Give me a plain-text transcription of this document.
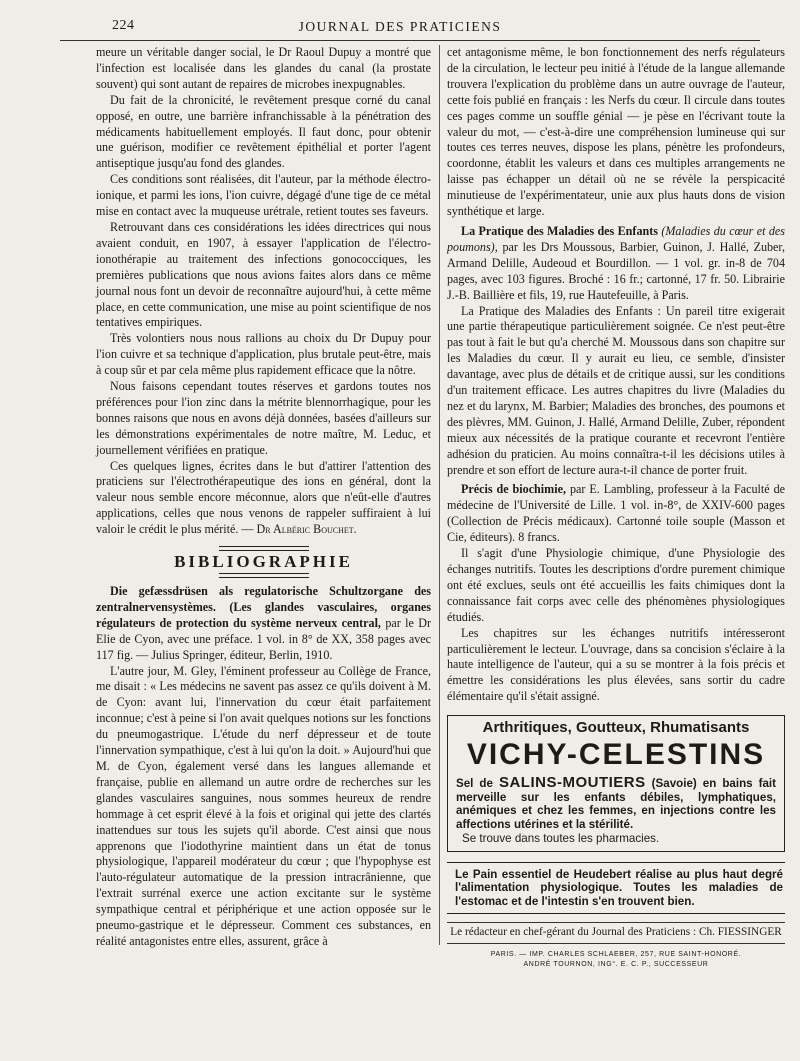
224	JOURNAL DES PRATICIENS

meure un véritable danger social, le Dr Raoul Dupuy a montré que l'infection est localisée dans les glandes du canal (la prostate souvent) qui sont autant de repaires de microbes inexpugnables.

Du fait de la chronicité, le revêtement presque corné du canal opposé, en outre, une barrière infranchissable à la pénétration des médicaments habituellement employés. Il faut donc, pour obtenir une guérison, modifier ce revêtement épithélial et porter l'agent antiseptique jusqu'au fond des glandes.

Ces conditions sont réalisées, dit l'auteur, par la méthode électro-ionique, et parmi les ions, l'ion cuivre, dégagé d'une tige de ce métal mise en contact avec la muqueuse urétrale, retient toutes ses faveurs.

Retrouvant dans ces considérations les idées directrices qui nous avaient conduit, en 1907, à essayer l'application de l'électro-ionothérapie au traitement des infections gonococciques, les premières publications que nous avions faites alors dans ce même journal nous font un devoir de reconnaître aujourd'hui, à cette même place, en cette communication, une mise au point scientifique de nos tentatives empiriques.

Très volontiers nous nous rallions au choix du Dr Dupuy pour l'ion cuivre et sa technique d'application, plus brutale peut-être, mais à coup sûr et par cela même plus rapidement efficace que la nôtre.

Nous faisons cependant toutes réserves et gardons toutes nos préférences pour l'ion zinc dans la métrite blennorrhagique, pour les bonnes raisons que nous en avons déjà données, basées d'ailleurs sur les démonstrations expérimentales de notre maître, M. Leduc, et journellement vérifiées en pratique.

Ces quelques lignes, écrites dans le but d'attirer l'attention des praticiens sur l'électrothérapeutique des ions en général, dont la valeur nous semble encore méconnue, alors que n'eût-elle d'autres applications, celles que nous venons de rappeler suffiraient à lui valoir le crédit le plus mérité. — Dr Albéric Bouchet.

BIBLIOGRAPHIE

Die gefæssdrüsen als regulatorische Schultzorgane des zentralnervensystèmes. (Les glandes vasculaires, organes régulateurs de protection du système nerveux central, par le Dr Elie de Cyon, avec une préface. 1 vol. in 8° de XX, 358 pages avec 117 fig. — Julius Springer, éditeur, Berlin, 1910.

L'autre jour, M. Gley, l'éminent professeur au Collège de France, me disait : « Les médecins ne savent pas assez ce qu'ils doivent à M. de Cyon: avant lui, l'innervation du cœur était parfaitement inconnue; c'est à peine si l'on avait quelques notions sur les fonctions du pneumogastrique. L'étude du nerf dépresseur et de toute l'innervation sympathique, c'est à lui qu'on la doit. » Aujourd'hui que M. de Cyon, également versé dans les langues allemande et française, publie en allemand un autre ordre de recherches sur les glandes vasculaires sanguines, nous sommes heureux de rendre hommage à cet esprit élevé à la fois et original qui jette des clartés inattendues sur tous les sujets qu'il aborde. C'est ainsi que nous apprenons que l'iodothyrine maintient dans un état de tonus physiologique, l'appareil modérateur du cœur ; que l'hypophyse est l'auto-régulateur automatique de la pression intracrânienne, que l'extrait surrénal exerce une action excitante sur le système sympathique central et périphérique et une action opposée sur le pneumo-gastrique et le dépresseur. Comment ces substances, en réalité antagonistes entre elles, assurent, grâce à

cet antagonisme même, le bon fonctionnement des nerfs régulateurs de la circulation, le lecteur peu initié à l'étude de la langue allemande trouvera l'explication du problème dans un autre ouvrage de l'auteur, cette fois publié en français : les Nerfs du cœur. Il circule dans toutes ces pages comme un souffle génial — je pèse en l'écrivant toute la valeur du mot, — c'est-à-dire une compréhension lumineuse qui sur toutes ces terres neuves, dispose les plans, pénètre les profondeurs, coordonne, établit les valeurs et dans ces multiples arrangements ne laisse pas échapper un détail où ne se révèle la perspicacité minutieuse de l'expérimentateur, unie aux plus hauts dons de vision synthétique et large.

La Pratique des Maladies des Enfants (Maladies du cœur et des poumons), par les Drs Moussous, Barbier, Guinon, J. Hallé, Zuber, Armand Delille, Audeoud et Bourdillon. — 1 vol. gr. in-8 de 704 pages, avec 103 figures. Broché : 16 fr.; cartonné, 17 fr. 50. Librairie J.-B. Baillière et fils, 19, rue Hautefeuille, à Paris.

La Pratique des Maladies des Enfants : Un pareil titre exigerait une partie thérapeutique particulièrement soignée. Ce n'est peut-être pas tout à fait le but qu'a cherché M. Moussous dans son chapitre sur les Maladies du cœur. Il y aurait eu lieu, ce semble, d'insister davantage, avec plus de détails et de critique aussi, sur les conditions d'un traitement efficace. Les autres chapitres du livre (Maladies du nez et du larynx, M. Barbier; Maladies des bronches, des poumons et des plèvres, MM. Guinon, J. Hallé, Armand Delille, Zuber, répondent mieux aux nécessités de la pratique courante et recevront l'entière adhésion du praticien. Au moins connaîtra-t-il les décisions utiles à prendre et son effort de lecture aura-t-il chance de porter fruit.

Précis de biochimie, par E. Lambling, professeur à la Faculté de médecine de l'Université de Lille. 1 vol. in-8°, de XXIV-600 pages (Collection de Précis médicaux). Cartonné toile souple (Masson et Cie, éditeurs). 8 francs.

Il s'agit d'une Physiologie chimique, d'une Physiologie des échanges nutritifs. Toutes les descriptions d'ordre purement chimique ont été exclues, seuls ont été accueillis les faits chimiques dont la connaissance fait corps avec celle des phénomènes physiologiques étudiés.

Les chapitres sur les échanges nutritifs intéresseront particulièrement le lecteur. L'ouvrage, dans sa concision s'éclaire à la haute intelligence de l'auteur, qui a su se montrer à la fois précis et émettre les considérations les plus élevées, sans sortir du cadre élémentaire qu'il s'était assigné.

Arthritiques, Goutteux, Rhumatisants
VICHY-CELESTINS
Sel de SALINS-MOUTIERS (Savoie) en bains fait merveille sur les enfants débiles, lymphatiques, anémiques et chez les femmes, en injections contre les affections utérines et la stérilité.
Se trouve dans toutes les pharmacies.
Le Pain essentiel de Heudebert réalise au plus haut degré l'alimentation physiologique. Toutes les maladies de l'estomac et de l'intestin s'en trouvent bien.
Le rédacteur en chef-gérant du Journal des Praticiens : Ch. FIESSINGER
PARIS. — IMP. CHARLES SCHLAEBER, 257, RUE SAINT-HONORÉ.
ANDRÉ TOURNON, ING°. E. C. P., SUCCESSEUR
